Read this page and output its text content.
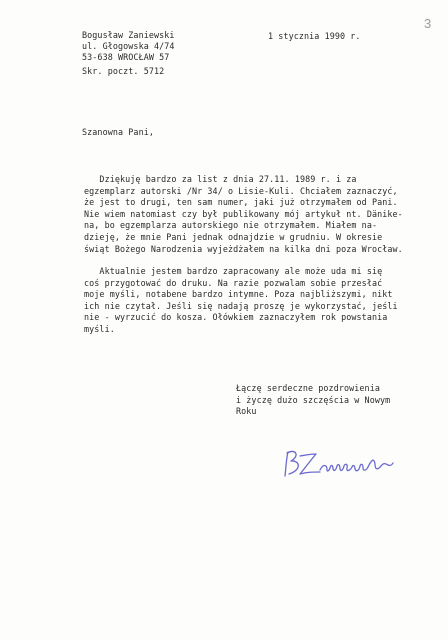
3
Bogusław Zaniewski
ul. Głogowska 4/74
53-638 WROCŁAW 57
Skr. poczt. 5712
1 stycznia 1990 r.
Szanowna Pani,
Dziękuję bardzo za list z dnia 27.11. 1989 r. i za
egzemplarz autorski /Nr 34/ o Lisie-Kuli. Chciałem zaznaczyć,
że jest to drugi, ten sam numer, jaki już otrzymałem od Pani.
Nie wiem natomiast czy był publikowany mój artykuł nt. Dänike-
na, bo egzemplarza autorskiego nie otrzymałem. Miałem na-
dzieję, że mnie Pani jednak odnajdzie w grudniu. W okresie
świąt Bożego Narodzenia wyjeżdżałem na kilka dni poza Wrocław.
Aktualnie jestem bardzo zapracowany ale może uda mi się
coś przygotować do druku. Na razie pozwalam sobie przesłać
moje myśli, notabene bardzo intymne. Poza najbliższymi, nikt
ich nie czytał. Jeśli się nadają proszę je wykorzystać, jeśli
nie - wyrzucić do kosza. Ołówkiem zaznaczyłem rok powstania
myśli.
Łączę serdeczne pozdrowienia
i życzę dużo szczęścia w Nowym
Roku
